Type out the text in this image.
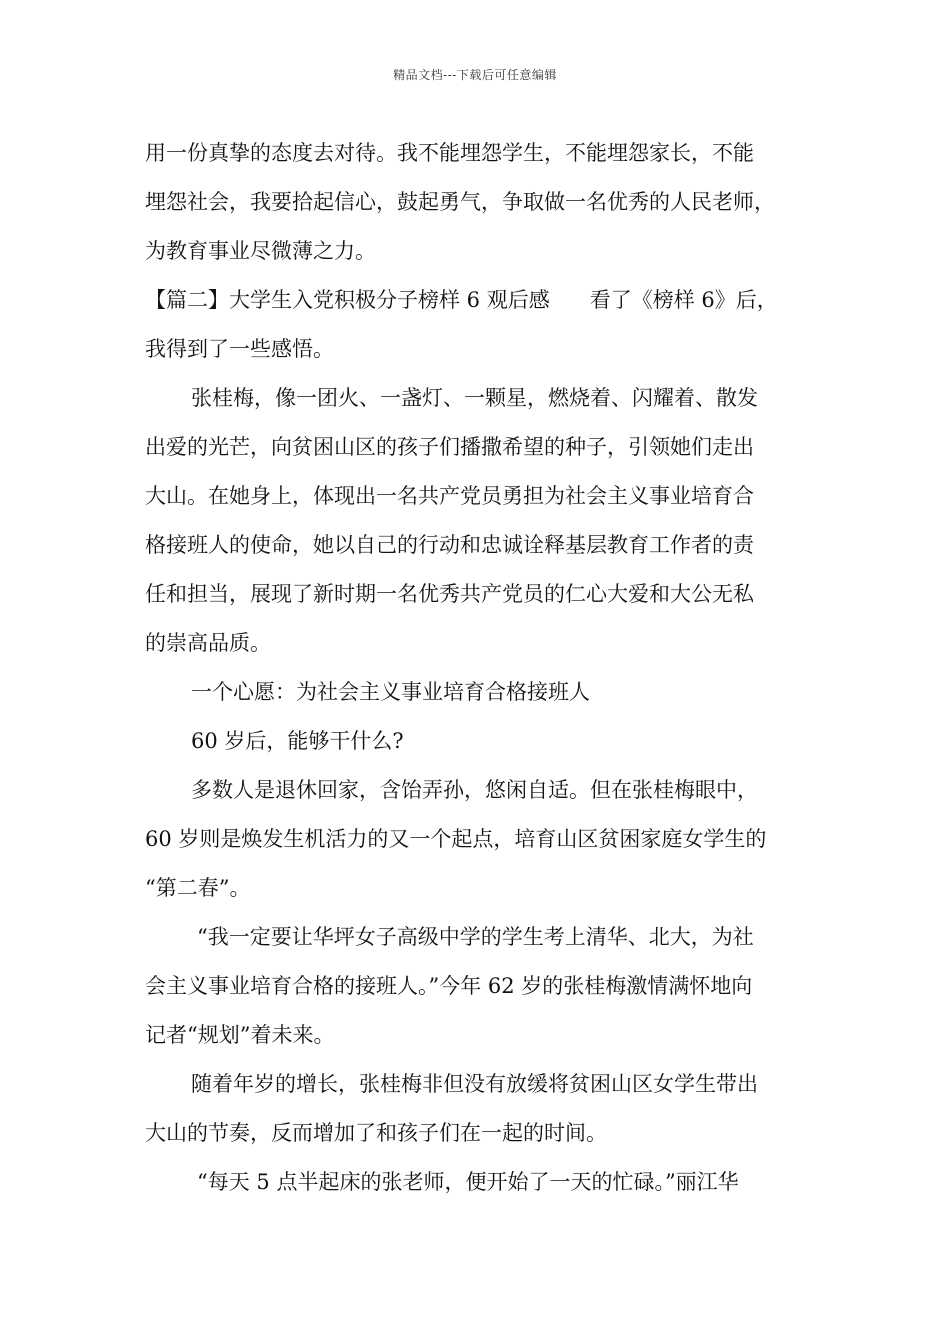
精品文档---下载后可任意编辑
用一份真挚的态度去对待。我不能埋怨学生，不能埋怨家长，不能
埋怨社会，我要拾起信心，鼓起勇气，争取做一名优秀的人民老师，
为教育事业尽微薄之力。
【篇二】大学生入党积极分子榜样 6 观后感 看了《榜样 6》后，
我得到了一些感悟。
张桂梅，像一团火、一盏灯、一颗星，燃烧着、闪耀着、散发
出爱的光芒，向贫困山区的孩子们播撒希望的种子，引领她们走出
大山。在她身上，体现出一名共产党员勇担为社会主义事业培育合
格接班人的使命，她以自己的行动和忠诚诠释基层教育工作者的责
任和担当，展现了新时期一名优秀共产党员的仁心大爱和大公无私
的崇高品质。
一个心愿：为社会主义事业培育合格接班人
60 岁后，能够干什么?
多数人是退休回家，含饴弄孙，悠闲自适。但在张桂梅眼中，
60 岁则是焕发生机活力的又一个起点，培育山区贫困家庭女学生的
“第二春”。
“我一定要让华坪女子高级中学的学生考上清华、北大，为社
会主义事业培育合格的接班人。”今年 62 岁的张桂梅激情满怀地向
记者“规划”着未来。
随着年岁的增长，张桂梅非但没有放缓将贫困山区女学生带出
大山的节奏，反而增加了和孩子们在一起的时间。
“每天 5 点半起床的张老师，便开始了一天的忙碌。”丽江华
